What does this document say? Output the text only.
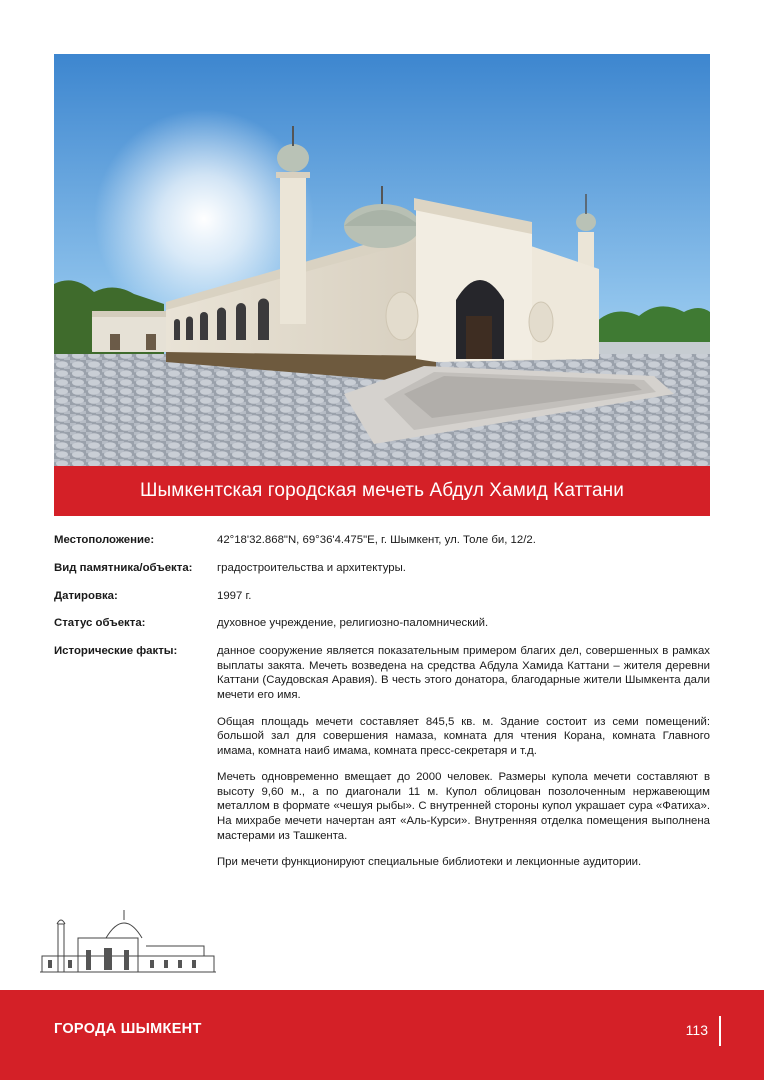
Шымкентская городская мечеть Абдул Хамид Каттани
Местоположение:	42°18'32.868"N, 69°36'4.475"E, г. Шымкент, ул. Толе би, 12/2.
Вид памятника/объекта:	градостроительства и архитектуры.
Датировка:	1997 г.
Статус объекта:	духовное учреждение, религиозно-паломнический.
Исторические факты:	данное сооружение является показательным примером благих дел, совершенных в рамках выплаты закята. Мечеть возведена на средства Абдула Хамида Каттани – жителя деревни Каттани (Саудовская Аравия). В честь этого донатора, благодарные жители Шымкента дали мечети его имя.

Общая площадь мечети составляет 845,5 кв. м. Здание состоит из семи помещений: большой зал для совершения намаза, комната для чтения Корана, комната Главного имама, комната наиб имама, комната пресс-секретаря и т.д.

Мечеть одновременно вмещает до 2000 человек. Размеры купола мечети составляют в высоту 9,60 м., а по диагонали 11 м. Купол облицован позолоченным нержавеющим металлом в формате «чешуя рыбы». С внутренней стороны купол украшает сура «Фатиха». На михрабе мечети начертан аят «Аль-Курси». Внутренняя отделка помещения выполнена мастерами из Ташкента.

При мечети функционируют специальные библиотеки и лекционные аудитории.

ГОРОДА ШЫМКЕНТ	113
